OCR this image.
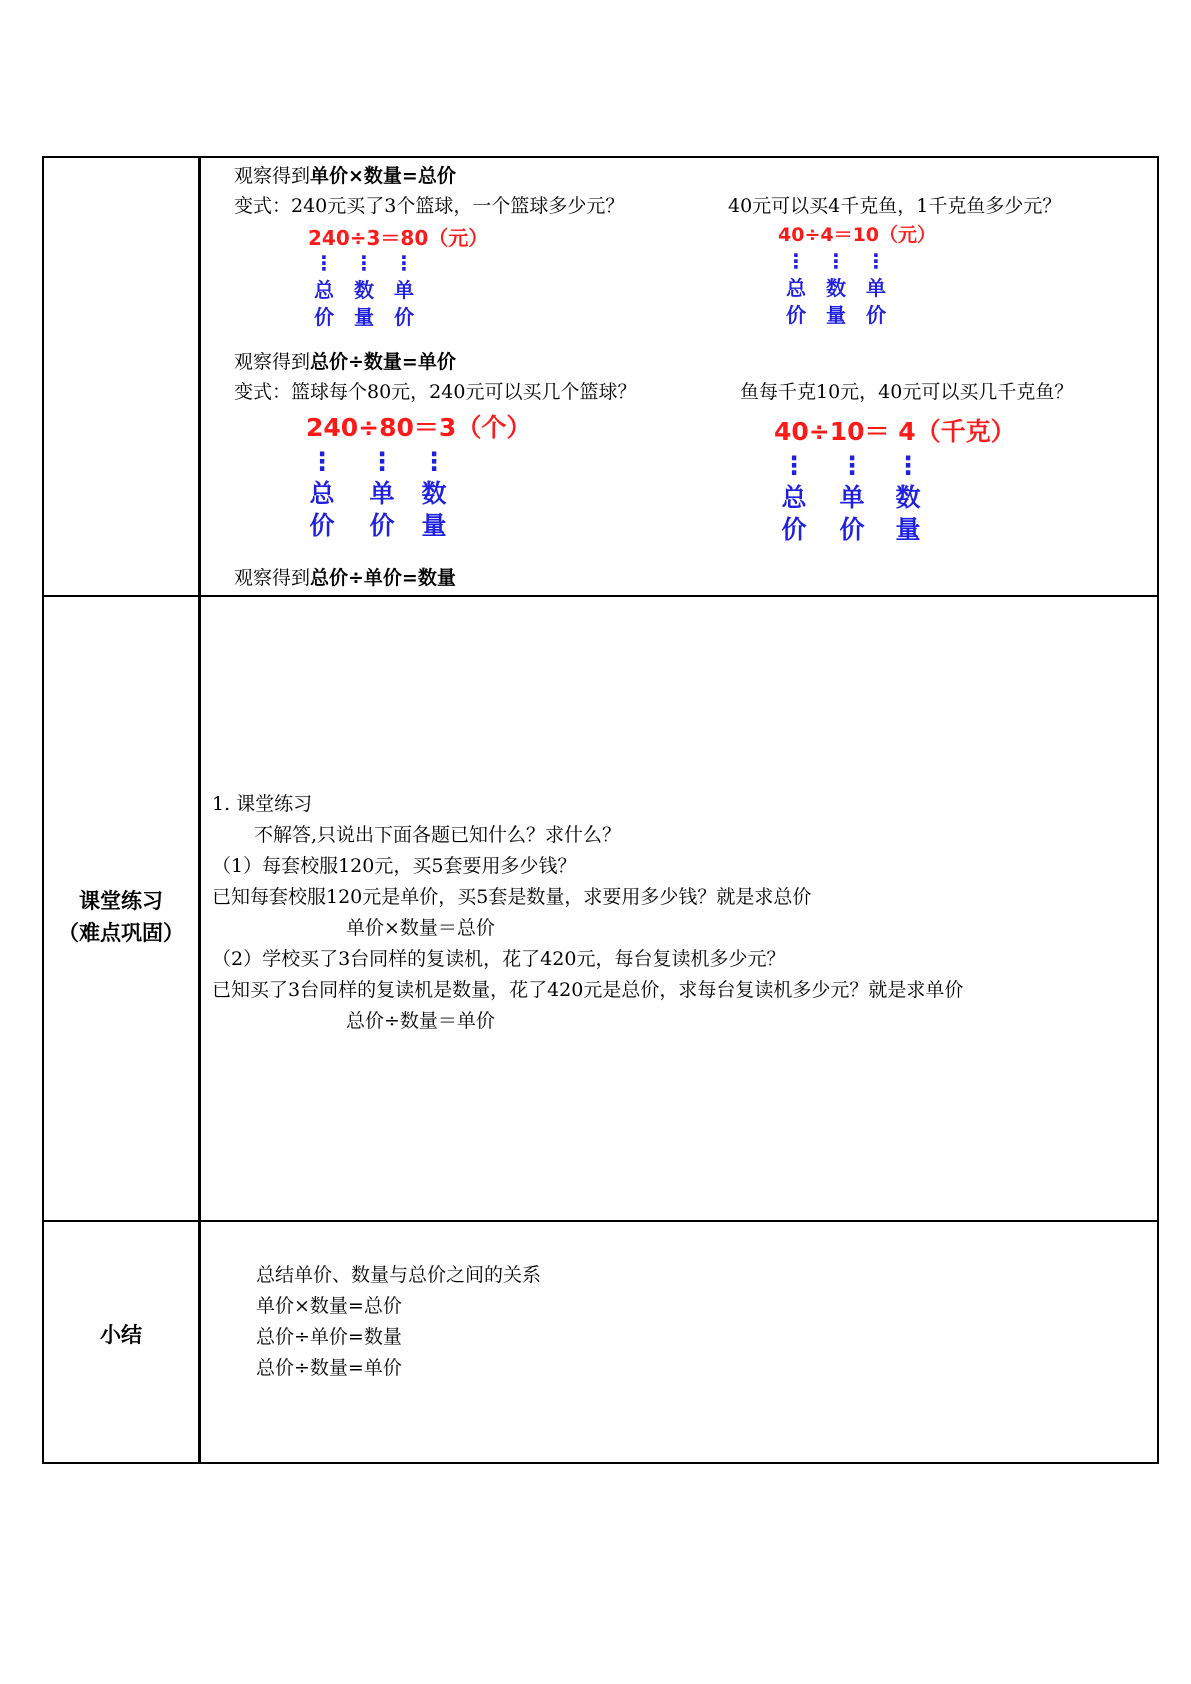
观察得到单价×数量=总价
变式：240元买了3个篮球，一个篮球多少元？	40元可以买4千克鱼，1千克鱼多少元？
240÷3＝80（元）	40÷4＝10（元）
⋮
总
价
⋮
数
量
⋮
单
价
⋮
总
价
⋮
数
量
⋮
单
价
观察得到总价÷数量=单价
变式：篮球每个80元，240元可以买几个篮球？	鱼每千克10元，40元可以买几千克鱼？
240÷80＝3（个）	40÷10＝ 4（千克）
⋮
总
价
⋮
单
价
⋮
数
量
⋮
总
价
⋮
单
价
⋮
数
量
观察得到总价÷单价=数量
课堂练习
（难点巩固）
1. 课堂练习
不解答,只说出下面各题已知什么？求什么？
（1）每套校服120元，买5套要用多少钱？
已知每套校服120元是单价，买5套是数量，求要用多少钱？就是求总价
单价×数量＝总价
（2）学校买了3台同样的复读机，花了420元，每台复读机多少元？
已知买了3台同样的复读机是数量，花了420元是总价，求每台复读机多少元？就是求单价
总价÷数量＝单价
小结
总结单价、数量与总价之间的关系
单价×数量=总价
总价÷单价=数量
总价÷数量=单价
